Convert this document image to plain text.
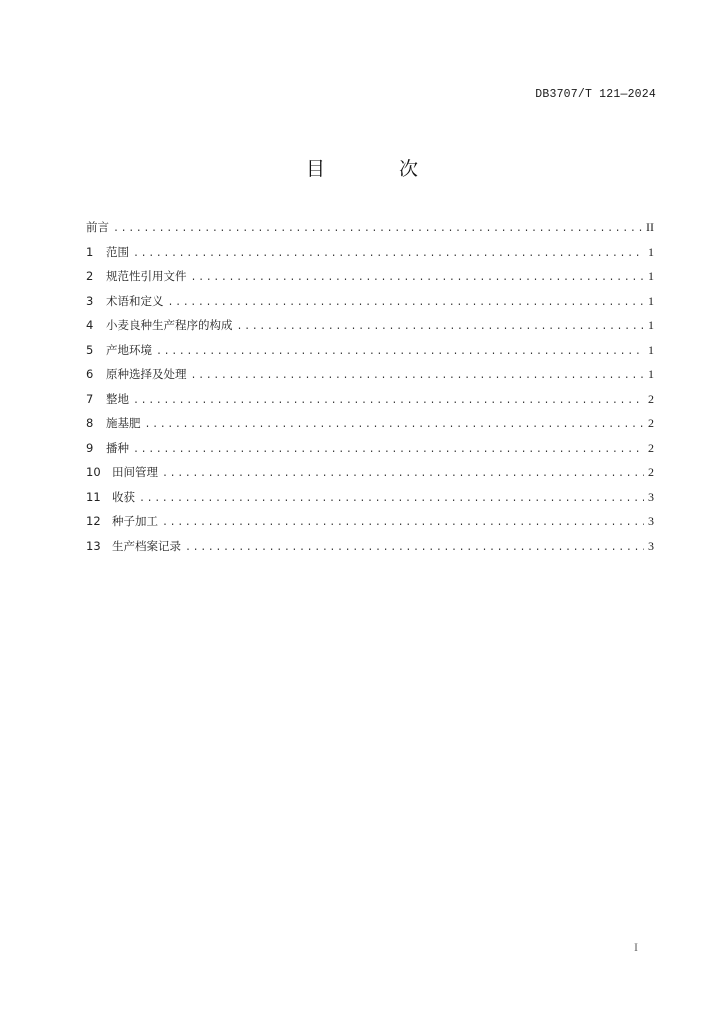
DB3707/T 121—2024
目 次
前言 .....	II
1	范围 .....	1
2	规范性引用文件 .....	1
3	术语和定义 .....	1
4	小麦良种生产程序的构成 .....	1
5	产地环境 .....	1
6	原种选择及处理 .....	1
7	整地 .....	2
8	施基肥 .....	2
9	播种 .....	2
10 田间管理 .....	2
11 收获 .....	3
12 种子加工 .....	3
13 生产档案记录 .....	3
I
